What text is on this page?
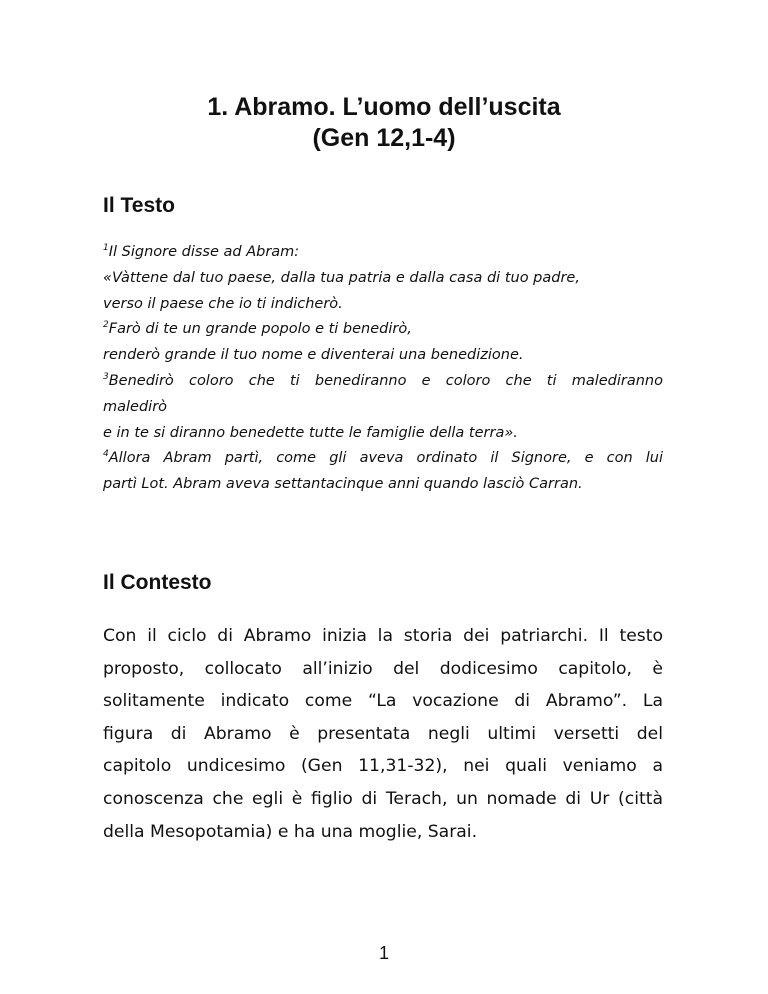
1. Abramo. L’uomo dell’uscita
(Gen 12,1-4)
Il Testo
$^1$Il Signore disse ad Abram:
«Vàttene dal tuo paese, dalla tua patria e dalla casa di tuo padre,
verso il paese che io ti indicherò.
$^2$Farò di te un grande popolo e ti benedirò,
renderò grande il tuo nome e diventerai una benedizione.
$^3$Benedirò coloro che ti benediranno e coloro che ti malediranno
maledirò
e in te si diranno benedette tutte le famiglie della terra».
$^4$Allora Abram partì, come gli aveva ordinato il Signore, e con lui
partì Lot. Abram aveva settantacinque anni quando lasciò Carran.
Il Contesto
Con il ciclo di Abramo inizia la storia dei patriarchi. Il testo
proposto, collocato all’inizio del dodicesimo capitolo, è
solitamente indicato come “La vocazione di Abramo”. La
figura di Abramo è presentata negli ultimi versetti del
capitolo undicesimo (Gen 11,31-32), nei quali veniamo a
conoscenza che egli è figlio di Terach, un nomade di Ur (città
della Mesopotamia) e ha una moglie, Sarai.
1
